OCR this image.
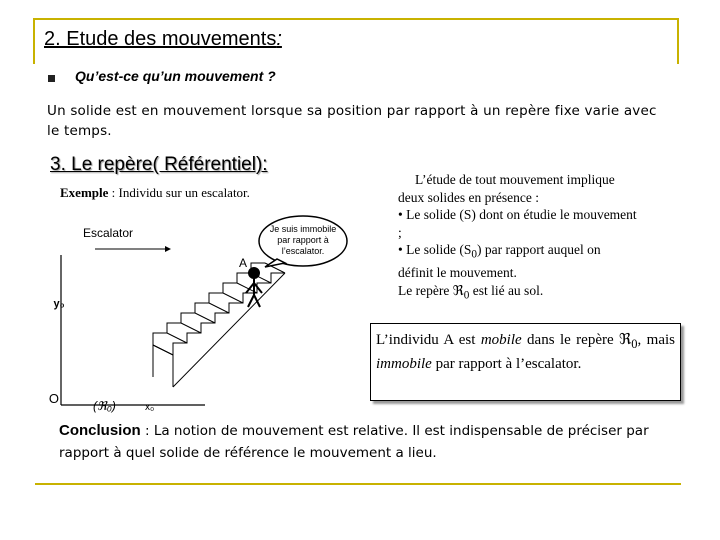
2. Etude des mouvements:
Qu’est-ce qu’un mouvement ?
Un solide est en mouvement lorsque sa position par rapport à un repère fixe varie avec le temps.
3. Le repère( Référentiel):
Exemple : Individu sur un escalator.
O
y₀
x₀
(ℜ₀)
Escalator
A
Je suis immobile
par rapport à
l’escalator.

L’étude de tout mouvement implique deux solides en présence :

• Le solide (S) dont on étudie le mouvement ;

• Le solide $(S_0)$ par rapport auquel on définit le mouvement.

Le repère ℜ$_0$ est lié au sol.

L’individu A est mobile dans le repère ℜ$_0$, mais immobile par rapport à l’escalator.
Conclusion : La notion de mouvement est relative. Il est indispensable de préciser par rapport à quel solide de référence le mouvement a lieu.
